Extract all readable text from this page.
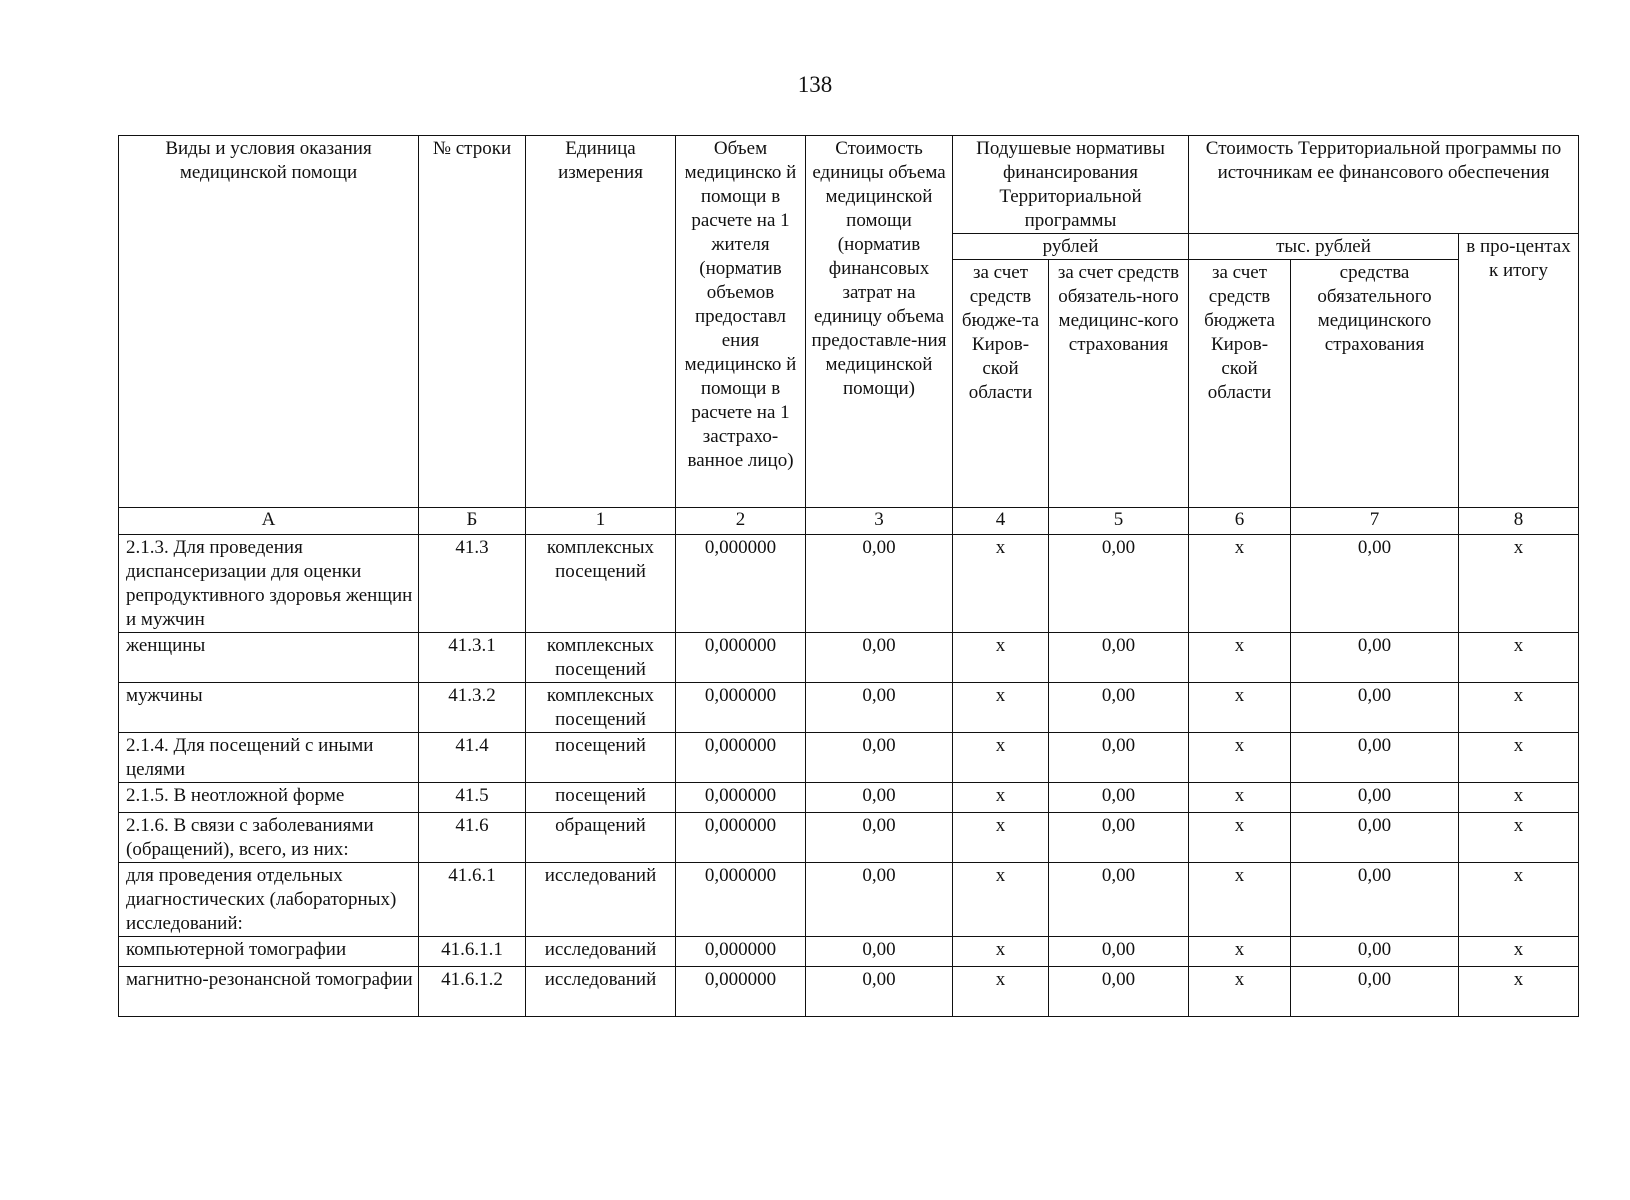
138
Виды и условия оказания медицинской помощи	№ строки	Единица измерения	Объем медицинско й помощи в расчете на 1 жителя (норматив объемов предоставл ения медицинско й помощи в расчете на 1 застрахо-ванное лицо)	Стоимость единицы объема медицинской помощи (норматив финансовых затрат на единицу объема предоставле-ния медицинской помощи)	Подушевые нормативы финансирования Территориальной программы		Стоимость Территориальной программы по источникам ее финансового обеспечения		
					рублей		тыс. рублей		в про-центах к итогу
					за счет средств бюдже-та Киров-ской области	за счет средств обязатель-ного медицинс-кого страхования	за счет средств бюджета Киров-ской области	средства обязательного медицинского страхования	
А	Б	1	2	3	4	5	6	7	8
2.1.3. Для проведения диспансеризации для оценки репродуктивного здоровья женщин и мужчин	41.3	комплексных посещений	0,000000	0,00	х	0,00	х	0,00	х
женщины	41.3.1	комплексных посещений	0,000000	0,00	х	0,00	х	0,00	х
мужчины	41.3.2	комплексных посещений	0,000000	0,00	х	0,00	х	0,00	х
2.1.4. Для посещений с иными целями	41.4	посещений	0,000000	0,00	х	0,00	х	0,00	х
2.1.5. В неотложной форме	41.5	посещений	0,000000	0,00	х	0,00	х	0,00	х
2.1.6. В связи с заболеваниями (обращений), всего, из них:	41.6	обращений	0,000000	0,00	х	0,00	х	0,00	х
для проведения отдельных диагностических (лабораторных) исследований:	41.6.1	исследований	0,000000	0,00	х	0,00	х	0,00	х
компьютерной томографии	41.6.1.1	исследований	0,000000	0,00	х	0,00	х	0,00	х
магнитно-резонансной томографии	41.6.1.2	исследований	0,000000	0,00	х	0,00	х	0,00	х
